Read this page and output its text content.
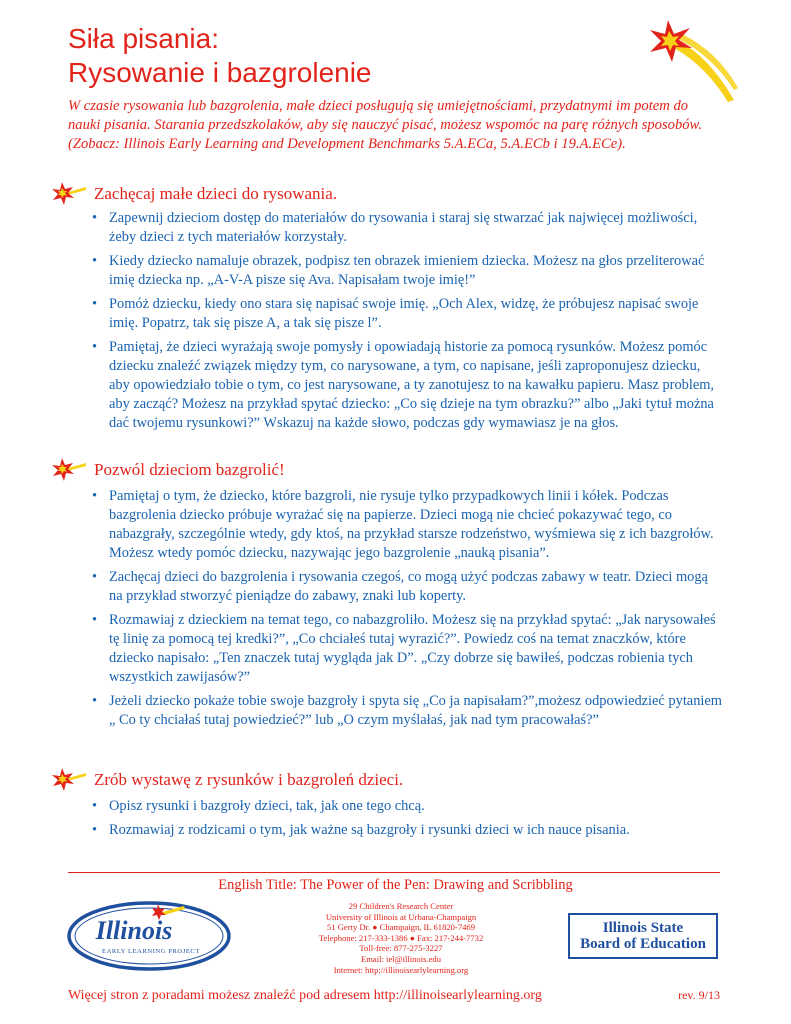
Siła pisania:
Rysowanie i bazgrolenie

W czasie rysowania lub bazgrolenia, małe dzieci posługują się umiejętnościami, przydatnymi im potem do nauki pisania. Starania przedszkolaków, aby się nauczyć pisać, możesz wspomóc na parę różnych sposobów. (Zobacz: Illinois Early Learning and Development Benchmarks 5.A.ECa, 5.A.ECb i 19.A.ECe).

Zachęcaj małe dzieci do rysowania.
• Zapewnij dzieciom dostęp do materiałów do rysowania i staraj się stwarzać jak najwięcej możliwości, żeby dzieci z tych materiałów korzystały.
• Kiedy dziecko namaluje obrazek, podpisz ten obrazek imieniem dziecka. Możesz na głos przeliterować imię dziecka np. „A-V-A pisze się Ava. Napisałam twoje imię!”
• Pomóż dziecku, kiedy ono stara się napisać swoje imię. „Och Alex, widzę, że próbujesz napisać swoje imię. Popatrz, tak się pisze A, a tak się pisze l”.
• Pamiętaj, że dzieci wyrażają swoje pomysły i opowiadają historie za pomocą rysunków. Możesz pomóc dziecku znaleźć związek między tym, co narysowane, a tym, co napisane, jeśli zaproponujesz dziecku, aby opowiedziało tobie o tym, co jest narysowane, a ty zanotujesz to na kawałku papieru. Masz problem, aby zacząć? Możesz na przykład spytać dziecko: „Co się dzieje na tym obrazku?” albo „Jaki tytuł można dać twojemu rysunkowi?” Wskazuj na każde słowo, podczas gdy wymawiasz je na głos.
Pozwól dzieciom bazgrolić!
• Pamiętaj o tym, że dziecko, które bazgroli, nie rysuje tylko przypadkowych linii i kółek. Podczas bazgrolenia dziecko próbuje wyrażać się na papierze. Dzieci mogą nie chcieć pokazywać tego, co nabazgrały, szczególnie wtedy, gdy ktoś, na przykład starsze rodzeństwo, wyśmiewa się z ich bazgrołów. Możesz wtedy pomóc dziecku, nazywając jego bazgrolenie „nauką pisania”.
• Zachęcaj dzieci do bazgrolenia i rysowania czegoś, co mogą użyć podczas zabawy w teatr. Dzieci mogą na przykład stworzyć pieniądze do zabawy, znaki lub koperty.
• Rozmawiaj z dzieckiem na temat tego, co nabazgroliło. Możesz się na przykład spytać: „Jak narysowałeś tę linię za pomocą tej kredki?”, „Co chciałeś tutaj wyrazić?”. Powiedz coś na temat znaczków, które dziecko napisało: „Ten znaczek tutaj wygląda jak D”. „Czy dobrze się bawiłeś, podczas robienia tych wszystkich zawijasów?”
• Jeżeli dziecko pokaże tobie swoje bazgroły i spyta się „Co ja napisałam?”,możesz odpowiedzieć pytaniem „ Co ty chciałaś tutaj powiedzieć?” lub „O czym myślałaś, jak nad tym pracowałaś?”
Zrób wystawę z rysunków i bazgroleń dzieci.
• Opisz rysunki i bazgroły dzieci, tak, jak one tego chcą.
• Rozmawiaj z rodzicami o tym, jak ważne są bazgroły i rysunki dzieci w ich nauce pisania.
English Title: The Power of the Pen: Drawing and Scribbling
Illinois
EARLY LEARNING PROJECT
29 Children's Research Center
University of Illinois at Urbana-Champaign
51 Gerty Dr. ● Champaign, IL 61820-7469
Telephone: 217-333-1386 ● Fax: 217-244-7732
Toll-free: 877-275-3227
Email: iel@illinois.edu
Internet: http://illinoisearlylearning.org
Illinois State
Board of Education
Więcej stron z poradami możesz znaleźć pod adresem http://illinoisearlylearning.org	rev. 9/13
